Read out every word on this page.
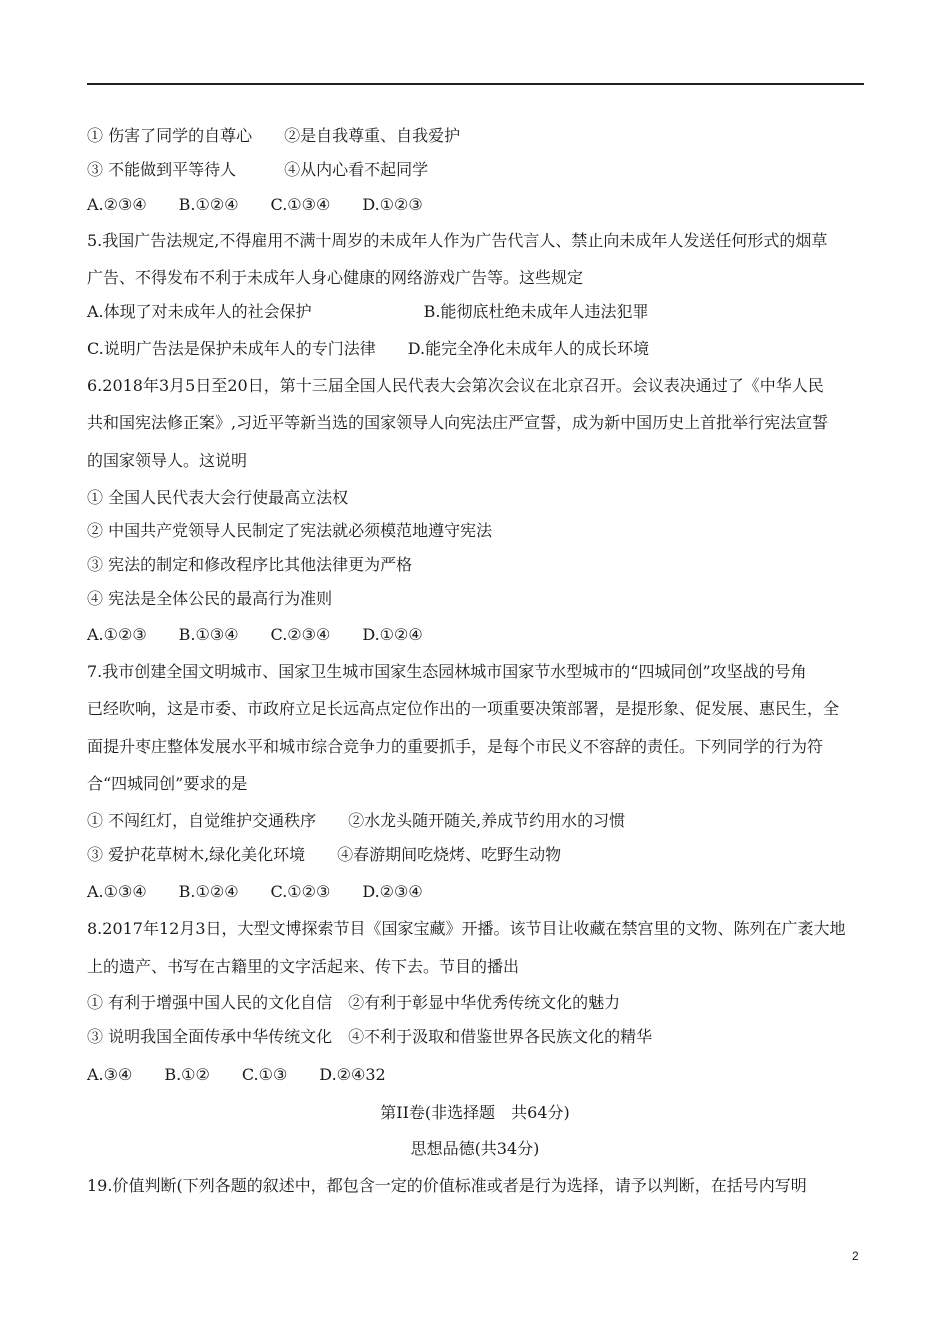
① 伤害了同学的自尊心　　②是自我尊重、自我爱护
③ 不能做到平等待人　　　④从内心看不起同学
A.②③④　　B.①②④　　C.①③④　　D.①②③
5.我国广告法规定,不得雇用不满十周岁的未成年人作为广告代言人、禁止向未成年人发送任何形式的烟草
广告、不得发布不利于未成年人身心健康的网络游戏广告等。这些规定
A.体现了对未成年人的社会保护　　　　　　　B.能彻底杜绝未成年人违法犯罪
C.说明广告法是保护未成年人的专门法律　　D.能完全净化未成年人的成长环境
6.2018年3月5日至20日，第十三届全国人民代表大会第次会议在北京召开。会议表决通过了《中华人民
共和国宪法修正案》,习近平等新当选的国家领导人向宪法庄严宣誓，成为新中国历史上首批举行宪法宣誓
的国家领导人。这说明
① 全国人民代表大会行使最高立法权
② 中国共产党领导人民制定了宪法就必须模范地遵守宪法
③ 宪法的制定和修改程序比其他法律更为严格
④ 宪法是全体公民的最高行为准则
A.①②③　　B.①③④　　C.②③④　　D.①②④
7.我市创建全国文明城市、国家卫生城市国家生态园林城市国家节水型城市的“四城同创”攻坚战的号角
已经吹响，这是市委、市政府立足长远高点定位作出的一项重要决策部署，是提形象、促发展、惠民生，全
面提升枣庄整体发展水平和城市综合竞争力的重要抓手，是每个市民义不容辞的责任。下列同学的行为符
合“四城同创”要求的是
① 不闯红灯，自觉维护交通秩序　　②水龙头随开随关,养成节约用水的习惯
③ 爱护花草树木,绿化美化环境　　④春游期间吃烧烤、吃野生动物
A.①③④　　B.①②④　　C.①②③　　D.②③④
8.2017年12月3日，大型文博探索节目《国家宝藏》开播。该节目让收藏在禁宫里的文物、陈列在广袤大地
上的遗产、书写在古籍里的文字活起来、传下去。节目的播出
① 有利于增强中国人民的文化自信　②有利于彰显中华优秀传统文化的魅力
③ 说明我国全面传承中华传统文化　④不利于汲取和借鉴世界各民族文化的精华
A.③④　　B.①②　　C.①③　　D.②④32
第II卷(非选择题　共64分)
思想品德(共34分)
19.价值判断(下列各题的叙述中，都包含一定的价值标准或者是行为选择，请予以判断，在括号内写明
2
